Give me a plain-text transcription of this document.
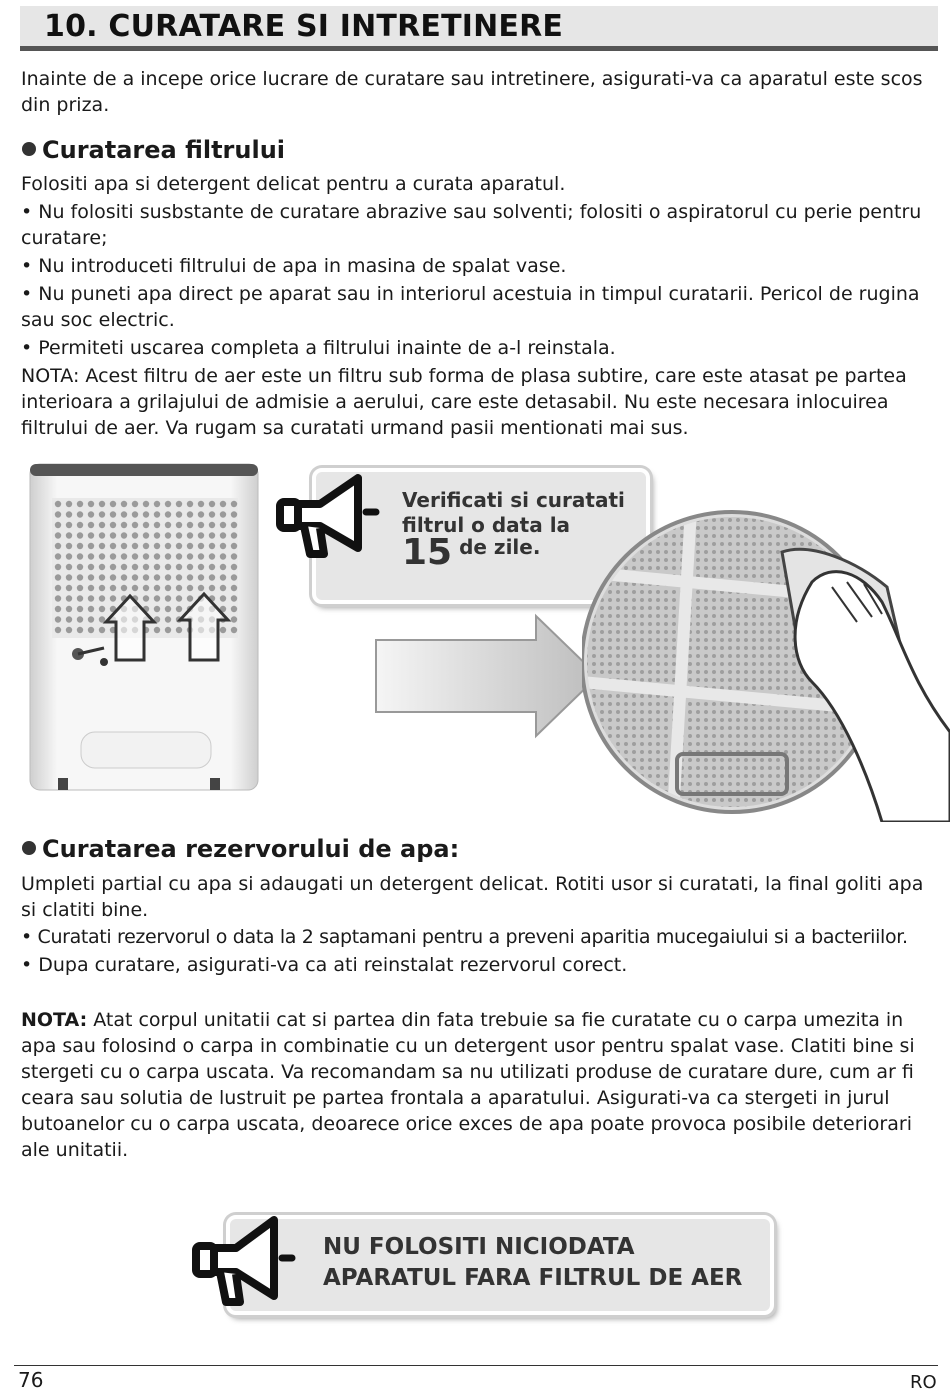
10. CURATARE SI INTRETINERE

Inainte de a incepe orice lucrare de curatare sau intretinere, asigurati-va ca aparatul este scos din priza.

Curatarea filtrului

Folositi apa si detergent delicat pentru a curata aparatul.

• Nu folositi susbstante de curatare abrazive sau solventi; folositi o aspiratorul cu perie pentru curatare;

• Nu introduceti filtrului de apa in masina de spalat vase.

• Nu puneti apa direct pe aparat sau in interiorul acestuia in timpul curatarii. Pericol de rugina sau soc electric.

• Permiteti uscarea completa a filtrului inainte de a-l reinstala.

NOTA: Acest filtru de aer este un filtru sub forma de plasa subtire, care este atasat pe partea interioara a grilajului de admisie a aerului, care este detasabil. Nu este necesara inlocuirea filtrului de aer. Va rugam sa curatati urmand pasii mentionati mai sus.

Verificati si curatati
filtrul o data la
15 de zile.
Curatarea rezervorului de apa:

Umpleti partial cu apa si adaugati un detergent delicat. Rotiti usor si curatati, la final goliti apa si clatiti bine.

• Curatati rezervorul o data la 2 saptamani pentru a preveni aparitia mucegaiului si a bacteriilor.

• Dupa curatare, asigurati-va ca ati reinstalat rezervorul corect.

NOTA: Atat corpul unitatii cat si partea din fata trebuie sa fie curatate cu o carpa umezita in apa sau folosind o carpa in combinatie cu un detergent usor pentru spalat vase. Clatiti bine si stergeti cu o carpa uscata. Va recomandam sa nu utilizati produse de curatare dure, cum ar fi ceara sau solutia de lustruit pe partea frontala a aparatului. Asigurati-va ca stergeti in jurul butoanelor cu o carpa uscata, deoarece orice exces de apa poate provoca posibile deteriorari ale unitatii.

NU FOLOSITI NICIODATA
APARATUL FARA FILTRUL DE AER
76	RO
